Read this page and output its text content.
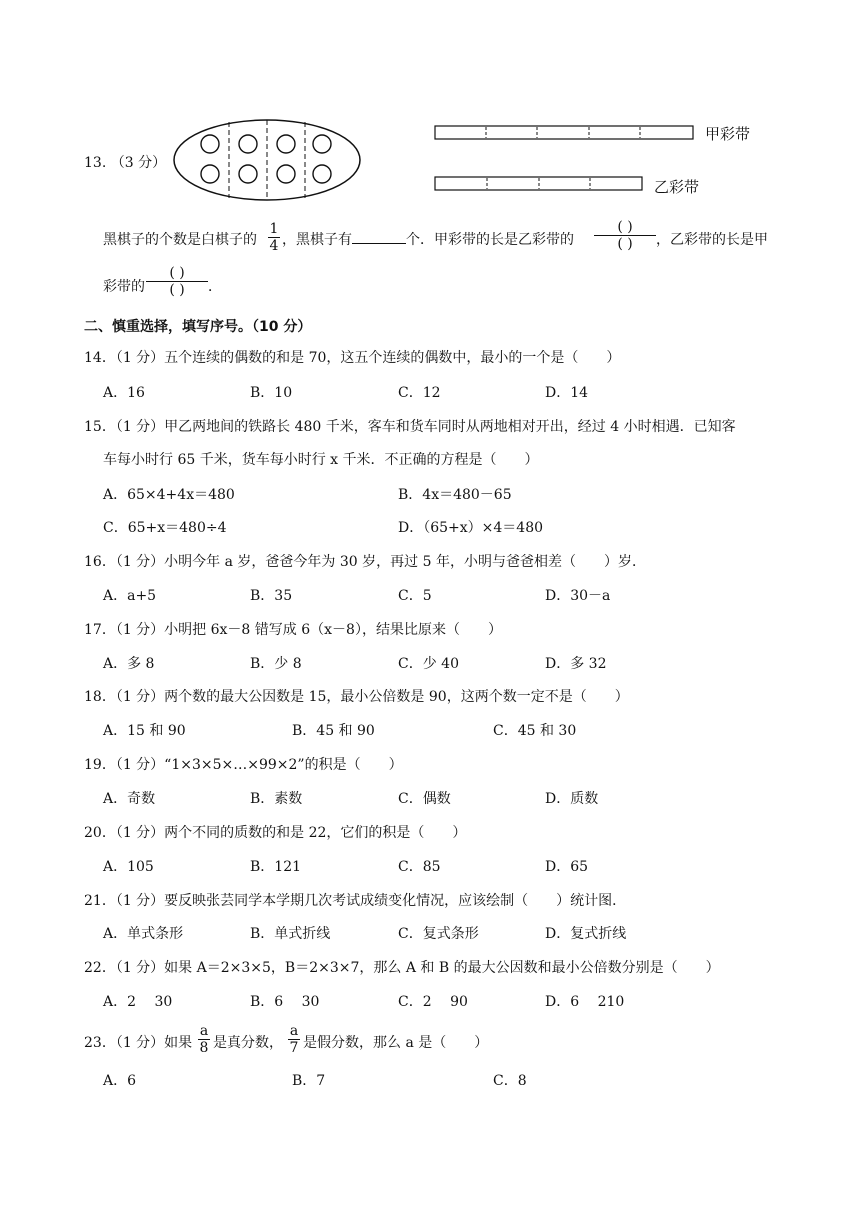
13. （3 分）
甲彩带
乙彩带
黑棋子的个数是白棋子的
1
4 ，黑棋子有	个．甲彩带的长是乙彩带的
( )
( )	，乙彩带的长是甲
彩带的
( )
( )	．
二、慎重选择，填写序号。（10 分）
14．（1 分）五个连续的偶数的和是 70，这五个连续的偶数中，最小的一个是（　　）
A．16	B．10	C．12	D．14
15．（1 分）甲乙两地间的铁路长 480 千米，客车和货车同时从两地相对开出，经过 4 小时相遇．已知客
车每小时行 65 千米，货车每小时行 x 千米．不正确的方程是（　　）
A．65×4+4x＝480	B．4x＝480－65
C．65+x＝480÷4	D．（65+x）×4＝480
16．（1 分）小明今年 a 岁，爸爸今年为 30 岁，再过 5 年，小明与爸爸相差（　　）岁．
A．a+5	B．35	C．5	D．30－a
17．（1 分）小明把 6x－8 错写成 6（x－8），结果比原来（　　）
A．多 8	B．少 8	C．少 40	D．多 32
18．（1 分）两个数的最大公因数是 15，最小公倍数是 90，这两个数一定不是（　　）
A．15 和 90	B．45 和 90	C．45 和 30
19．（1 分）“1×3×5×…×99×2”的积是（　　）
A．奇数	B．素数	C．偶数	D．质数
20．（1 分）两个不同的质数的和是 22，它们的积是（　　）
A．105	B．121	C．85	D．65
21．（1 分）要反映张芸同学本学期几次考试成绩变化情况，应该绘制（　　）统计图．
A．单式条形	B．单式折线	C．复式条形	D．复式折线
22．（1 分）如果 A＝2×3×5，B＝2×3×7，那么 A 和 B 的最大公因数和最小公倍数分别是（　　）
A．2　 30	B．6　 30	C．2　 90	D．6　 210
23．（1 分）如果
a
8 是真分数，
a
7 是假分数，那么 a 是（　　）
A．6	B．7	C．8
